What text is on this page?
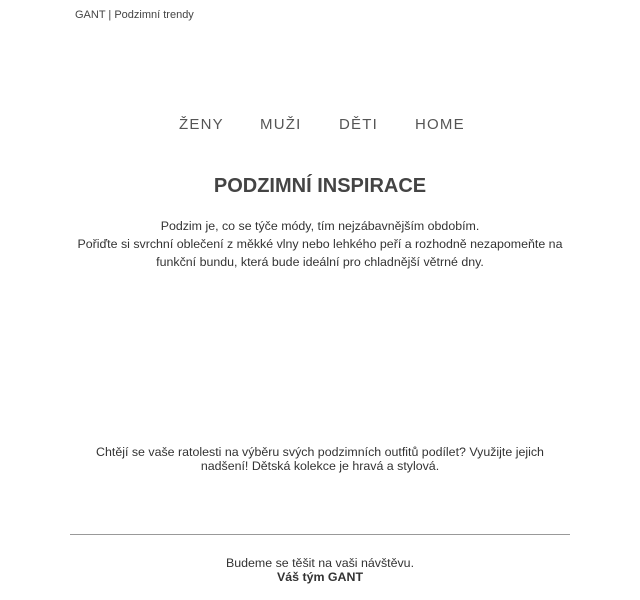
GANT | Podzimní trendy
ŽENY MUŽI	DĚTI HOME
PODZIMNÍ INSPIRACE

Podzim je, co se týče módy, tím nejzábavnějším obdobím.
Pořiďte si svrchní oblečení z měkké vlny nebo lehkého peří a rozhodně nezapomeňte na funkční bundu, která bude ideální pro chladnější větrné dny.

Chtějí se vaše ratolesti na výběru svých podzimních outfitů podílet? Využijte jejich nadšení! Dětská kolekce je hravá a stylová.

Budeme se těšit na vaši návštěvu.
Váš tým GANT
